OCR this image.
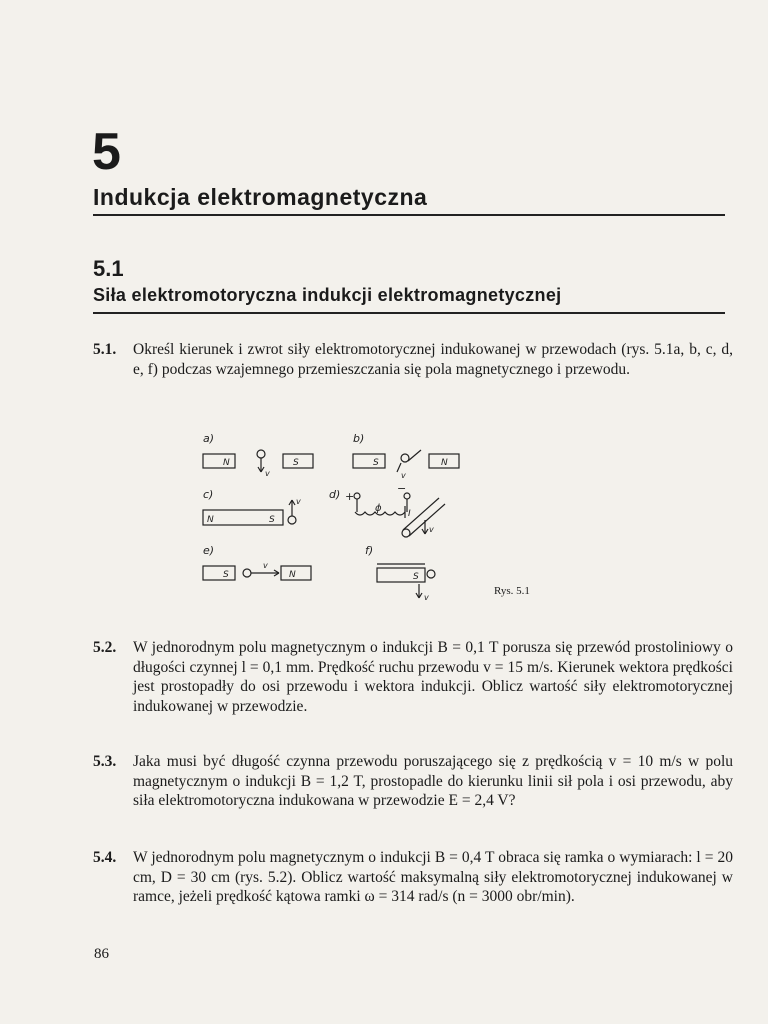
5
Indukcja elektromagnetyczna
5.1
Siła elektromotoryczna indukcji elektromagnetycznej
5.1. Określ kierunek i zwrot siły elektromotorycznej indukowanej w przewodach (rys. 5.1a, b, c, d, e, f) podczas wzajemnego przemieszczania się pola magnetycznego i przewodu.
a)	b)
c)	d)
e)	f)
N	S
v
S	N
v
N	S
v	+
−
ϕ	I
v
S	N
v
S
v
Rys. 5.1
5.2. W jednorodnym polu magnetycznym o indukcji B = 0,1 T porusza się przewód prostoliniowy o długości czynnej l = 0,1 mm. Prędkość ruchu przewodu v = 15 m/s. Kierunek wektora prędkości jest prostopadły do osi przewodu i wektora indukcji. Oblicz wartość siły elektromotorycznej indukowanej w przewodzie.
5.3. Jaka musi być długość czynna przewodu poruszającego się z prędkością v = 10 m/s w polu magnetycznym o indukcji B = 1,2 T, prostopadle do kierunku linii sił pola i osi przewodu, aby siła elektromotoryczna indukowana w przewodzie E = 2,4 V?
5.4. W jednorodnym polu magnetycznym o indukcji B = 0,4 T obraca się ramka o wymiarach: l = 20 cm, D = 30 cm (rys. 5.2). Oblicz wartość maksymalną siły elektromotorycznej indukowanej w ramce, jeżeli prędkość kątowa ramki ω = 314 rad/s (n = 3000 obr/min).
86
